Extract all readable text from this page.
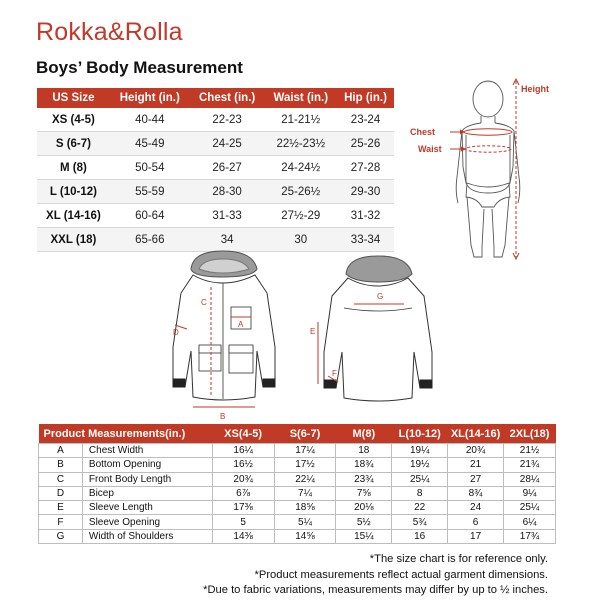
Rokka&Rolla
Boys’ Body Measurement
US Size	Height (in.)	Chest (in.)	Waist (in.)	Hip (in.)
XS (4-5)	40-44	22-23	21-21½	23-24
S (6-7)	45-49	24-25	22½-23½	25-26
M (8)	50-54	26-27	24-24½	27-28
L (10-12)	55-59	28-30	25-26½	29-30
XL (14-16)	60-64	31-33	27½-29	31-32
XXL (18)	65-66	34	30	33-34
Height
Chest
Waist
A
B
C
D
G
E
F
Product Measurements(in.)		XS(4-5)	S(6-7)	M(8)	L(10-12)	XL(14-16)	2XL(18)
A	Chest Width	16¼	17¼	18	19¼	20¾	21½
B	Bottom Opening	16½	17½	18¾	19½	21	21¾
C	Front Body Length	20¾	22¼	23¾	25¼	27	28¼
D	Bicep	6⅞	7¼	7⅝	8	8¾	9¼
E	Sleeve Length	17⅜	18⅝	20⅛	22	24	25¼
F	Sleeve Opening	5	5¼	5½	5¾	6	6¼
G	Width of Shoulders	14⅜	14⅝	15¼	16	17	17¾
*The size chart is for reference only.
*Product measurements reflect actual garment dimensions.
*Due to fabric variations, measurements may differ by up to ½ inches.
